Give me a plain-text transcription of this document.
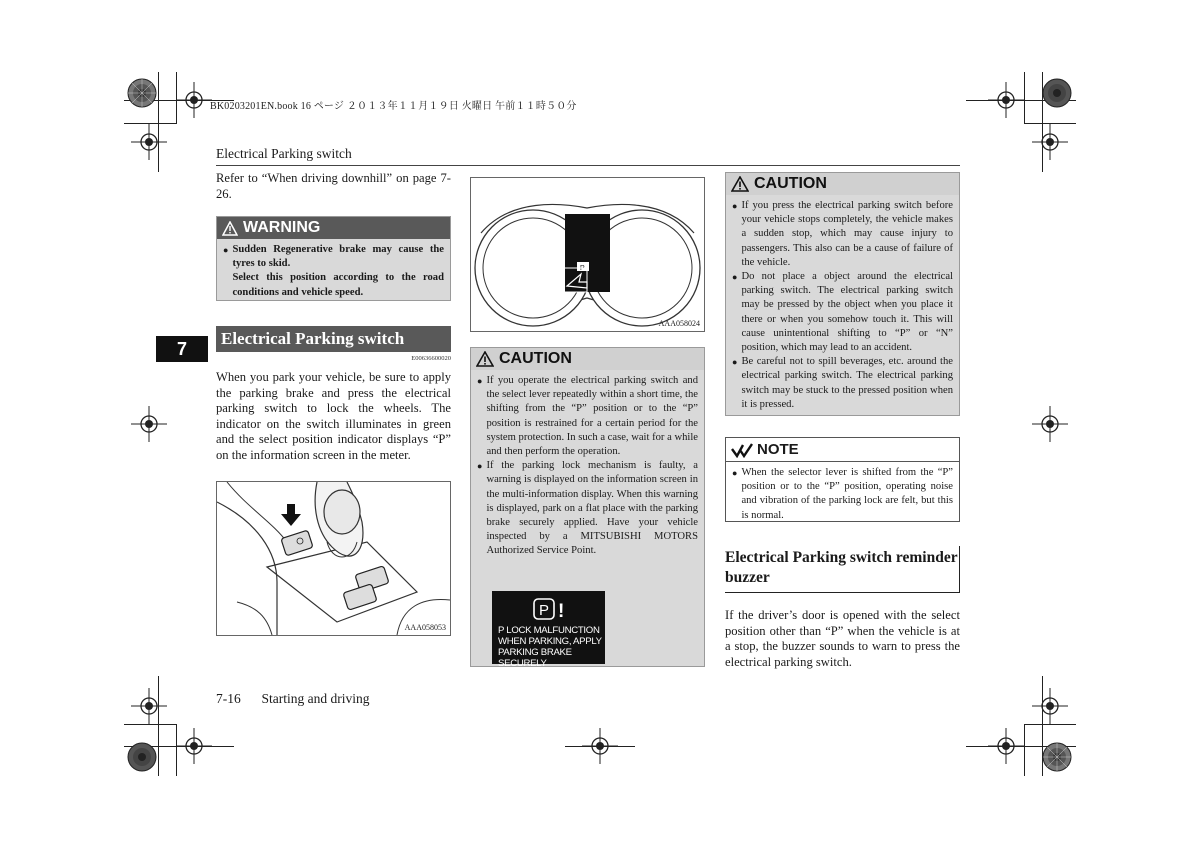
BK0203201EN.book 16 ページ ２０１３年１１月１９日 火曜日 午前１１時５０分
Electrical Parking switch
7
Refer to “When driving downhill” on page 7-26.
WARNING
● Sudden Regenerative brake may cause the tyres to skid.
Select this position according to the road conditions and vehicle speed.
Electrical Parking switch
E00636600020
When you park your vehicle, be sure to apply the parking brake and press the electrical parking switch to lock the wheels. The indicator on the switch illuminates in green and the select position indicator displays “P” on the information screen in the meter.
AAA058053
P
AAA058024
CAUTION
● If you operate the electrical parking switch and the select lever repeatedly within a short time, the shifting from the “P” position or to the “P” position is restrained for a certain period for the system protection. In such a case, wait for a while and then perform the operation.
● If the parking lock mechanism is faulty, a warning is displayed on the information screen in the multi-information display. When this warning is displayed, park on a flat place with the parking brake securely applied. Have your vehicle inspected by a MITSUBISHI MOTORS Authorized Service Point.
P !
P LOCK MALFUNCTION
WHEN PARKING, APPLY
PARKING BRAKE SECURELY
CAUTION
● If you press the electrical parking switch before your vehicle stops completely, the vehicle makes a sudden stop, which may cause injury to passengers. This also can be a cause of failure of the vehicle.
● Do not place a object around the electrical parking switch. The electrical parking switch may be pressed by the object when you place it there or when you somehow touch it. This will cause unintentional shifting to “P” or “N” position, which may lead to an accident.
● Be careful not to spill beverages, etc. around the electrical parking switch. The electrical parking switch may be stuck to the pressed position when it is pressed.
NOTE
● When the selector lever is shifted from the “P” position or to the “P” position, operating noise and vibration of the parking lock are felt, but this is normal.
Electrical Parking switch reminder buzzer
If the driver’s door is opened with the select position other than “P” when the vehicle is at a stop, the buzzer sounds to warn to press the electrical parking switch.
7-16 Starting and driving
